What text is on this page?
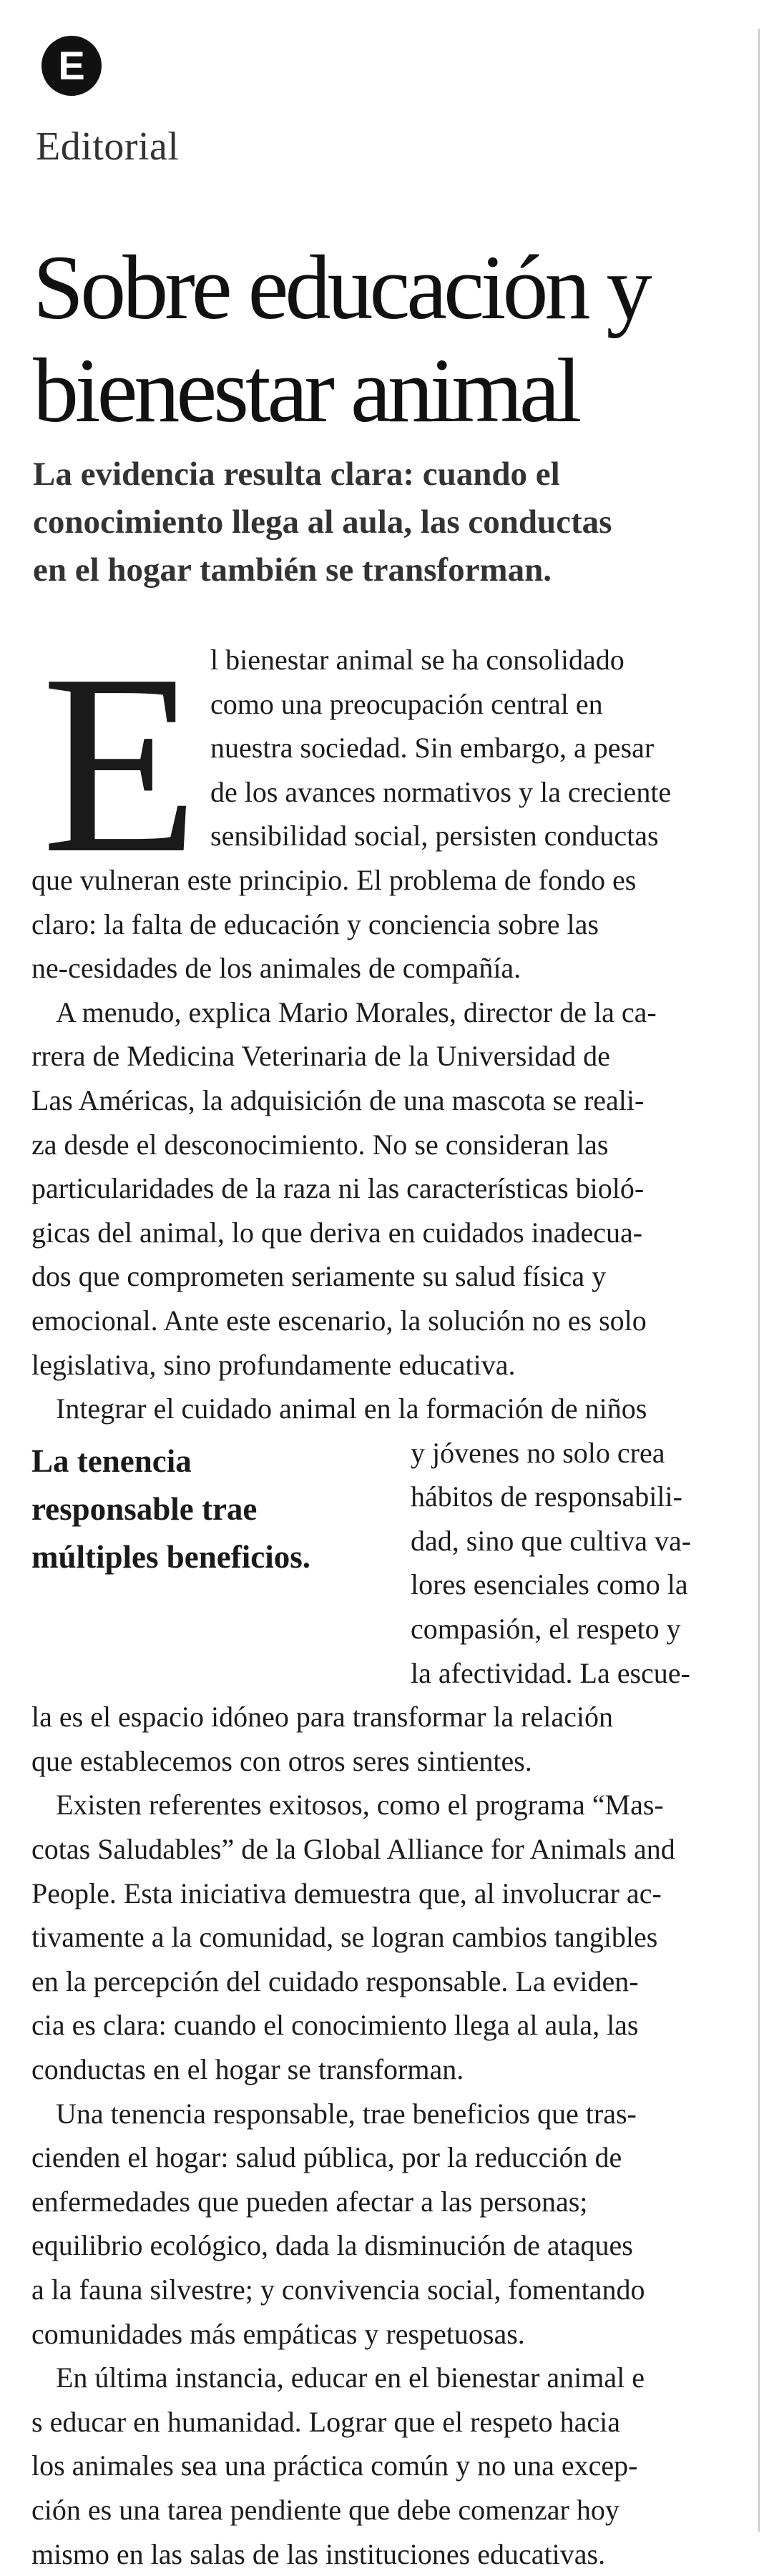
E
Editorial
Sobre educación y
bienestar animal
La evidencia resulta clara: cuando el
conocimiento llega al aula, las conductas
en el hogar también se transforman.
E
La tenencia
responsable trae
múltiples beneficios.
l bienestar animal se ha consolidado
como una preocupación central en
nuestra sociedad. Sin embargo, a pesar
de los avances normativos y la creciente
sensibilidad social, persisten conductas
que vulneran este principio. El problema de fondo es
claro: la falta de educación y conciencia sobre las
ne-cesidades de los animales de compañía.
A menudo, explica Mario Morales, director de la ca-
rrera de Medicina Veterinaria de la Universidad de
Las Américas, la adquisición de una mascota se reali-
za desde el desconocimiento. No se consideran las
particularidades de la raza ni las características bioló-
gicas del animal, lo que deriva en cuidados inadecua-
dos que comprometen seriamente su salud física y
emocional. Ante este escenario, la solución no es solo
legislativa, sino profundamente educativa.
Integrar el cuidado animal en la formación de niños
y jóvenes no solo crea
hábitos de responsabili-
dad, sino que cultiva va-
lores esenciales como la
compasión, el respeto y
la afectividad. La escue-
la es el espacio idóneo para transformar la relación
que establecemos con otros seres sintientes.
Existen referentes exitosos, como el programa “Mas-
cotas Saludables” de la Global Alliance for Animals and
People. Esta iniciativa demuestra que, al involucrar ac-
tivamente a la comunidad, se logran cambios tangibles
en la percepción del cuidado responsable. La eviden-
cia es clara: cuando el conocimiento llega al aula, las
conductas en el hogar se transforman.
Una tenencia responsable, trae beneficios que tras-
cienden el hogar: salud pública, por la reducción de
enfermedades que pueden afectar a las personas;
equilibrio ecológico, dada la disminución de ataques
a la fauna silvestre; y convivencia social, fomentando
comunidades más empáticas y respetuosas.
En última instancia, educar en el bienestar animal e
s educar en humanidad. Lograr que el respeto hacia
los animales sea una práctica común y no una excep-
ción es una tarea pendiente que debe comenzar hoy
mismo en las salas de las instituciones educativas.
